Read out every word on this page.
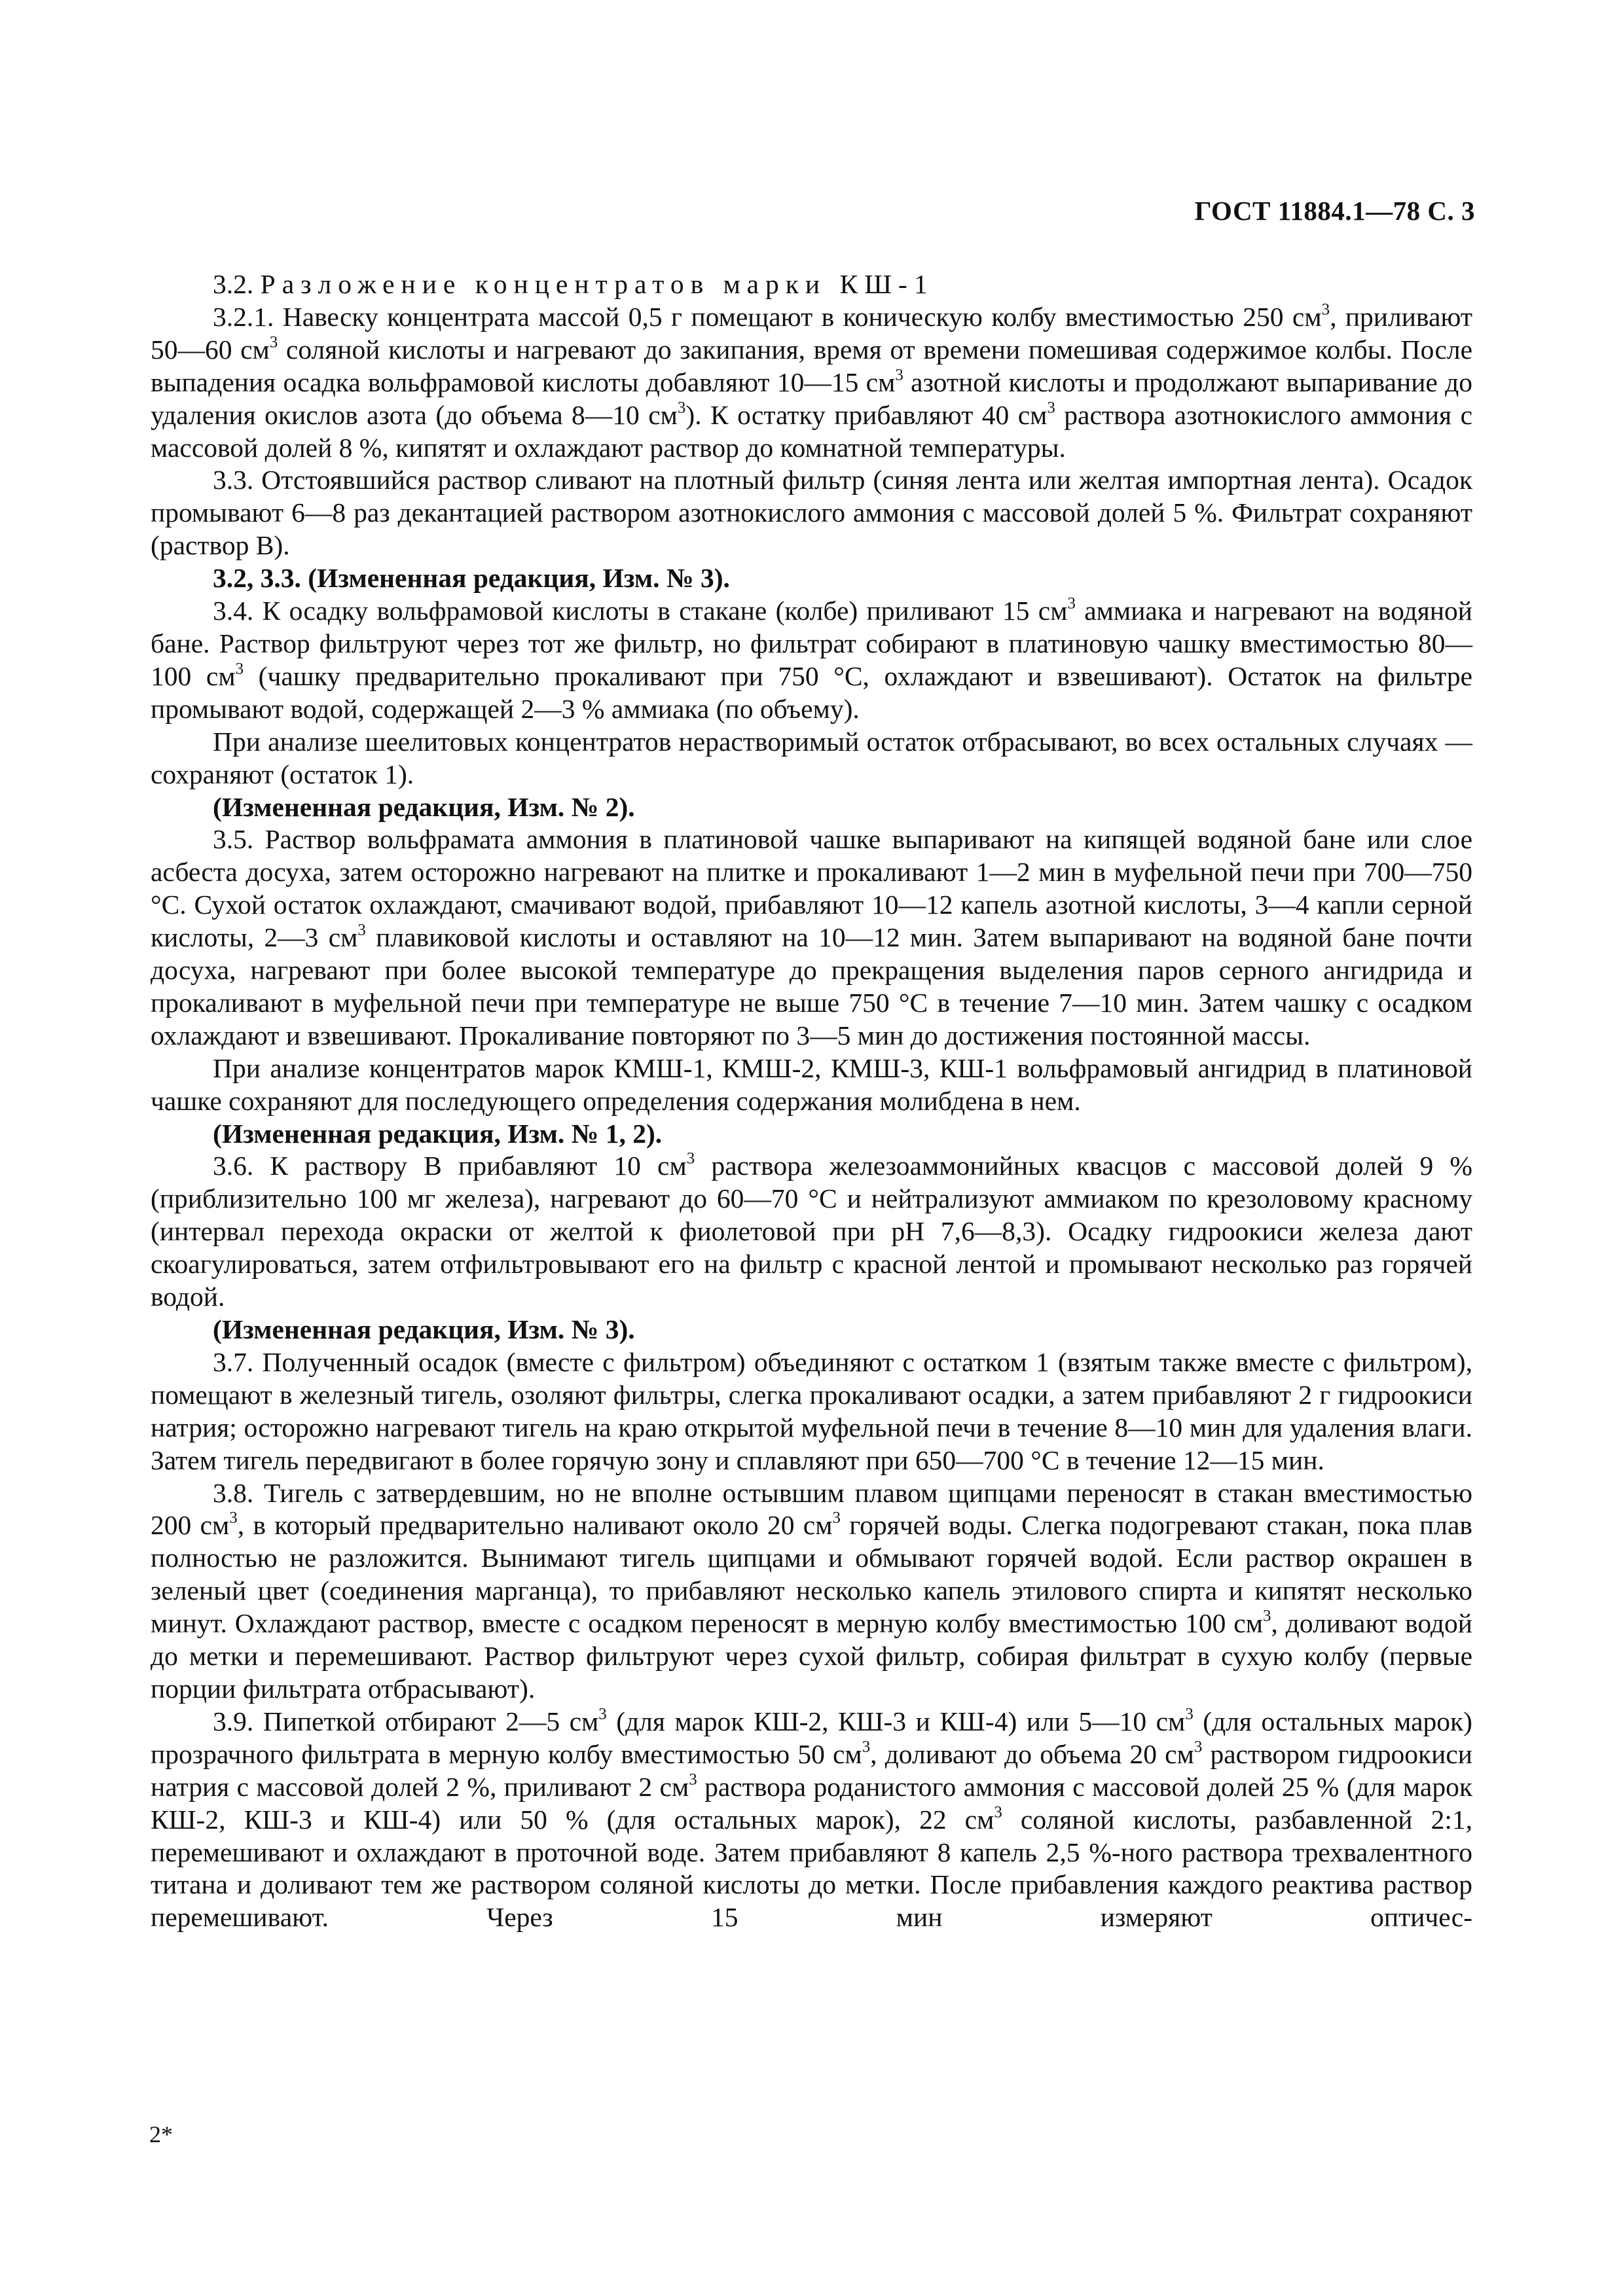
ГОСТ 11884.1—78 С. 3

3.2. Разложение концентратов марки КШ-1

3.2.1. Навеску концентрата массой 0,5 г помещают в коническую колбу вместимостью 250 $см^3$, приливают 50—60 $см^3$ соляной кислоты и нагревают до закипания, время от времени помешивая содержимое колбы. После выпадения осадка вольфрамовой кислоты добавляют 10—15 $см^3$ азотной кислоты и продолжают выпаривание до удаления окислов азота (до объема 8—10 $см^3$). К остатку прибавляют 40 $см^3$ раствора азотнокислого аммония с массовой долей 8 %, кипятят и охлаждают раствор до комнатной температуры.

3.3. Отстоявшийся раствор сливают на плотный фильтр (синяя лента или желтая импортная лента). Осадок промывают 6—8 раз декантацией раствором азотнокислого аммония с массовой долей 5 %. Фильтрат сохраняют (раствор В).

3.2, 3.3. (Измененная редакция, Изм. № 3).

3.4. К осадку вольфрамовой кислоты в стакане (колбе) приливают 15 $см^3$ аммиака и нагревают на водяной бане. Раствор фильтруют через тот же фильтр, но фильтрат собирают в платиновую чашку вместимостью 80—100 $см^3$ (чашку предварительно прокаливают при 750 °С, охлаждают и взвешивают). Остаток на фильтре промывают водой, содержащей 2—3 % аммиака (по объему).

При анализе шеелитовых концентратов нерастворимый остаток отбрасывают, во всех остальных случаях — сохраняют (остаток 1).

(Измененная редакция, Изм. № 2).

3.5. Раствор вольфрамата аммония в платиновой чашке выпаривают на кипящей водяной бане или слое асбеста досуха, затем осторожно нагревают на плитке и прокаливают 1—2 мин в муфельной печи при 700—750 °С. Сухой остаток охлаждают, смачивают водой, прибавляют 10—12 капель азотной кислоты, 3—4 капли серной кислоты, 2—3 $см^3$ плавиковой кислоты и оставляют на 10—12 мин. Затем выпаривают на водяной бане почти досуха, нагревают при более высокой температуре до прекращения выделения паров серного ангидрида и прокаливают в муфельной печи при температуре не выше 750 °С в течение 7—10 мин. Затем чашку с осадком охлаждают и взвешивают. Прокаливание повторяют по 3—5 мин до достижения постоянной массы.

При анализе концентратов марок КМШ-1, КМШ-2, КМШ-3, КШ-1 вольфрамовый ангидрид в платиновой чашке сохраняют для последующего определения содержания молибдена в нем.

(Измененная редакция, Изм. № 1, 2).

3.6. К раствору В прибавляют 10 $см^3$ раствора железоаммонийных квасцов с массовой долей 9 % (приблизительно 100 мг железа), нагревают до 60—70 °С и нейтрализуют аммиаком по крезоловому красному (интервал перехода окраски от желтой к фиолетовой при рН 7,6—8,3). Осадку гидроокиси железа дают скоагулироваться, затем отфильтровывают его на фильтр с красной лентой и промывают несколько раз горячей водой.

(Измененная редакция, Изм. № 3).

3.7. Полученный осадок (вместе с фильтром) объединяют с остатком 1 (взятым также вместе с фильтром), помещают в железный тигель, озоляют фильтры, слегка прокаливают осадки, а затем прибавляют 2 г гидроокиси натрия; осторожно нагревают тигель на краю открытой муфельной печи в течение 8—10 мин для удаления влаги. Затем тигель передвигают в более горячую зону и сплавляют при 650—700 °С в течение 12—15 мин.

3.8. Тигель с затвердевшим, но не вполне остывшим плавом щипцами переносят в стакан вместимостью 200 $см^3$, в который предварительно наливают около 20 $см^3$ горячей воды. Слегка подогревают стакан, пока плав полностью не разложится. Вынимают тигель щипцами и обмывают горячей водой. Если раствор окрашен в зеленый цвет (соединения марганца), то прибавляют несколько капель этилового спирта и кипятят несколько минут. Охлаждают раствор, вместе с осадком переносят в мерную колбу вместимостью 100 $см^3$, доливают водой до метки и перемешивают. Раствор фильтруют через сухой фильтр, собирая фильтрат в сухую колбу (первые порции фильтрата отбрасывают).

3.9. Пипеткой отбирают 2—5 $см^3$ (для марок КШ-2, КШ-3 и КШ-4) или 5—10 $см^3$ (для остальных марок) прозрачного фильтрата в мерную колбу вместимостью 50 $см^3$, доливают до объема 20 $см^3$ раствором гидроокиси натрия с массовой долей 2 %, приливают 2 $см^3$ раствора роданистого аммония с массовой долей 25 % (для марок КШ-2, КШ-3 и КШ-4) или 50 % (для остальных марок), 22 $см^3$ соляной кислоты, разбавленной 2:1, перемешивают и охлаждают в проточной воде. Затем прибавляют 8 капель 2,5 %-ного раствора трехвалентного титана и доливают тем же раствором соляной кислоты до метки. После прибавления каждого реактива раствор перемешивают. Через 15 мин измеряют оптичес-

2*
